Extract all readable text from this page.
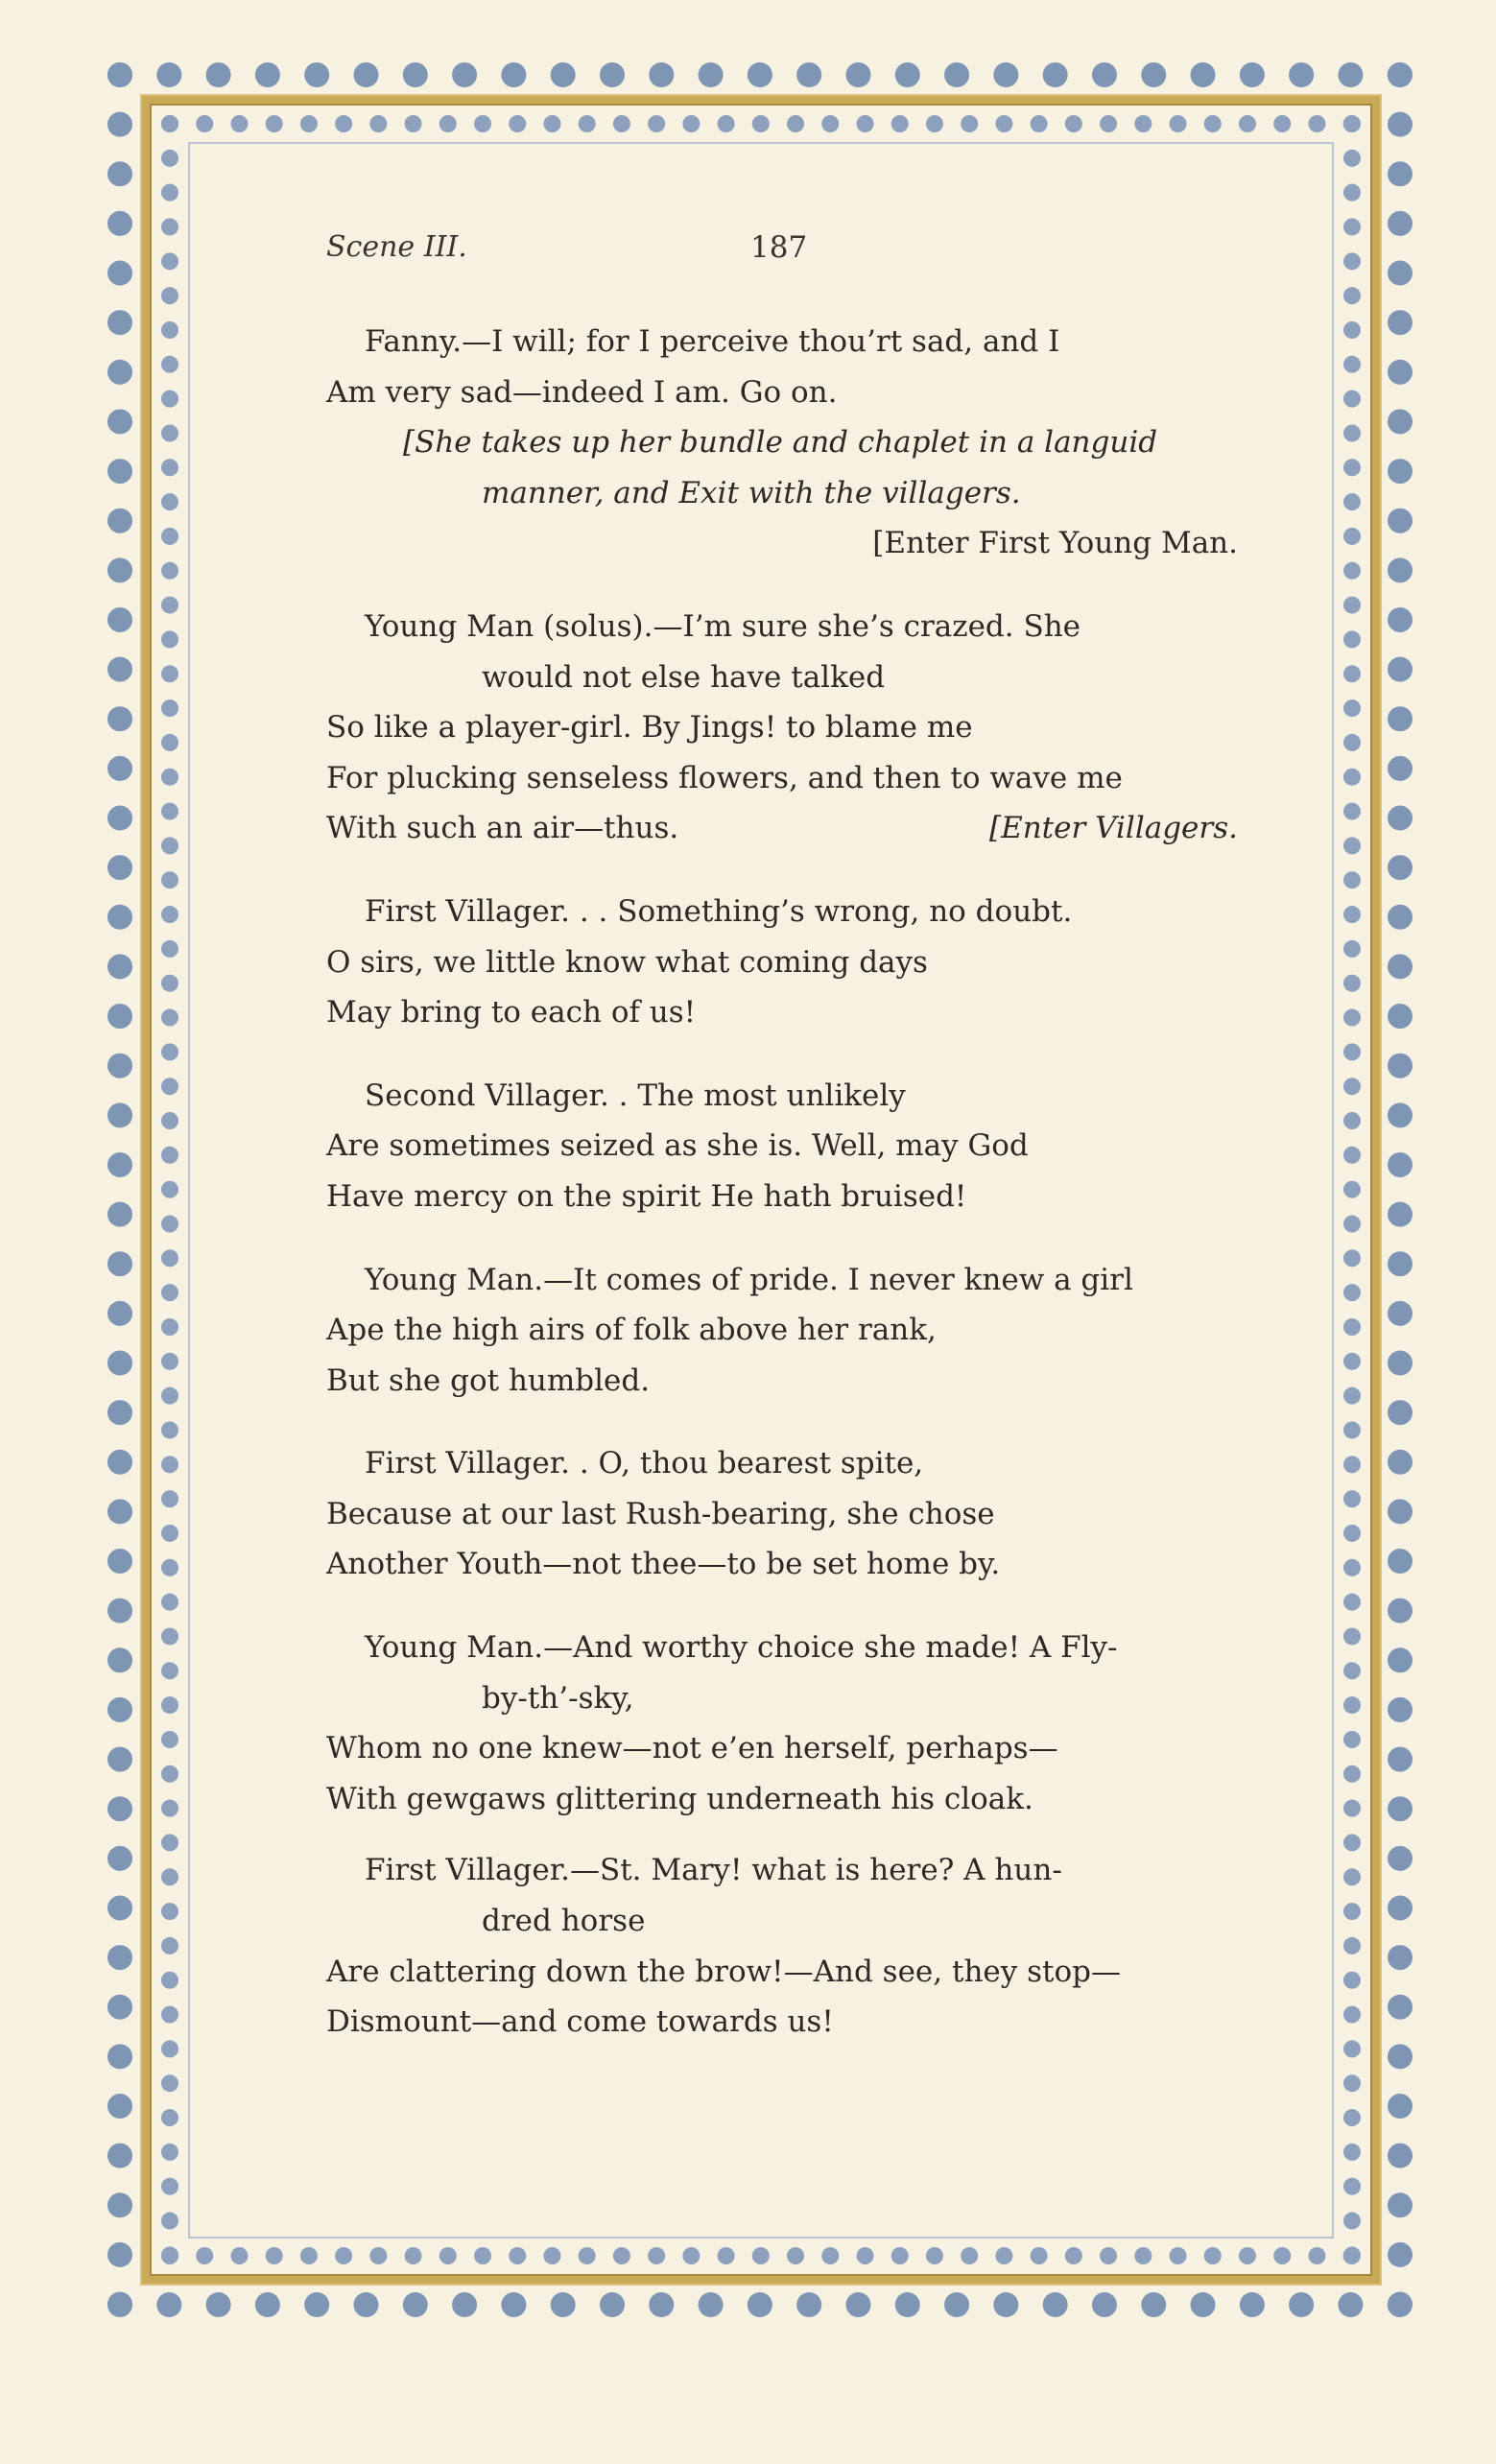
Scene III.	187
Fanny.—I will; for I perceive thou’rt sad, and I
Am very sad—indeed I am. Go on.
[She takes up her bundle and chaplet in a languid
manner, and Exit with the villagers.
[Enter First Young Man.
Young Man (solus).—I’m sure she’s crazed. She
would not else have talked
So like a player-girl. By Jings! to blame me
For plucking senseless flowers, and then to wave me
With such an air—thus.	[Enter Villagers.
First Villager. . . Something’s wrong, no doubt.
O sirs, we little know what coming days
May bring to each of us!
Second Villager. . The most unlikely
Are sometimes seized as she is. Well, may God
Have mercy on the spirit He hath bruised!
Young Man.—It comes of pride. I never knew a girl
Ape the high airs of folk above her rank,
But she got humbled.
First Villager. . O, thou bearest spite,
Because at our last Rush-bearing, she chose
Another Youth—not thee—to be set home by.
Young Man.—And worthy choice she made! A Fly-
by-th’-sky,
Whom no one knew—not e’en herself, perhaps—
With gewgaws glittering underneath his cloak.
First Villager.—St. Mary! what is here? A hun-
dred horse
Are clattering down the brow!—And see, they stop—
Dismount—and come towards us!
